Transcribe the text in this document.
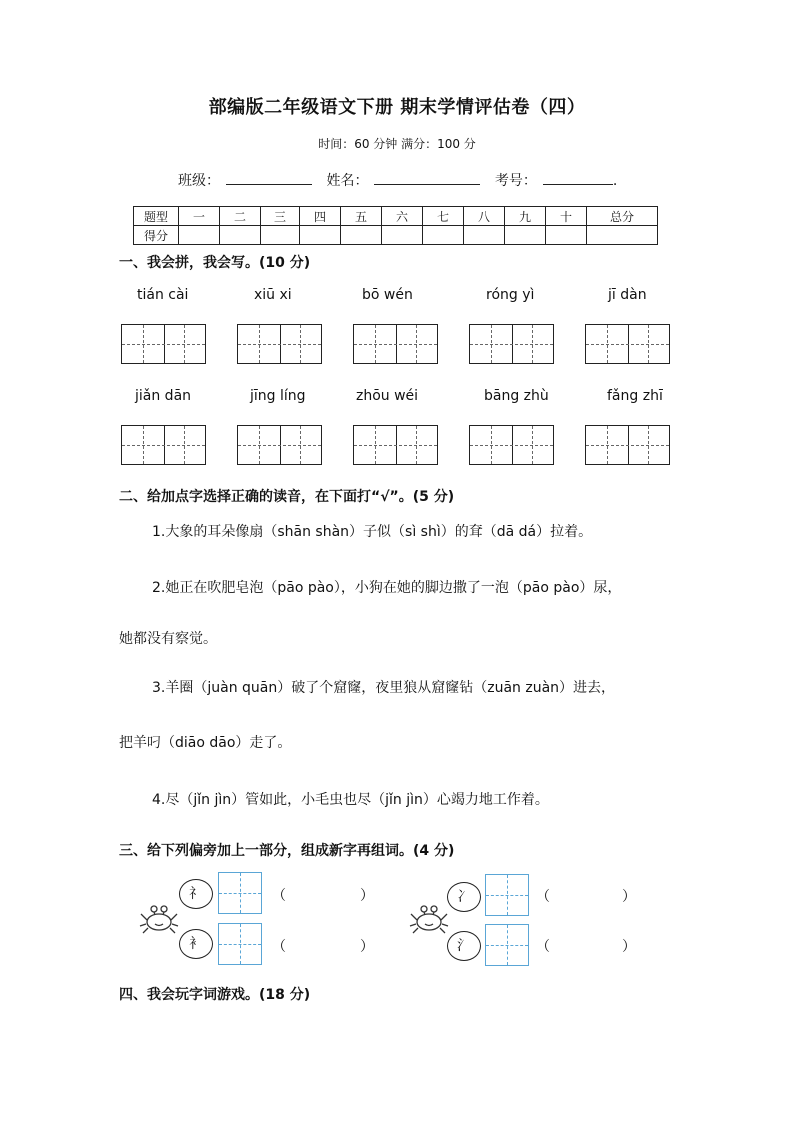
部编版二年级语文下册 期末学情评估卷（四）
时间：60 分钟 满分：100 分
班级：	姓名：	考号：	.
题型	一	二	三	四	五	六	七	八	九	十	总分
得分											
一、我会拼，我会写。(10 分)
tián cài	xiū xi	bō wén	róng yì	jī dàn
jiǎn dān	jīng líng	zhōu wéi	bāng zhù	fǎng zhī
二、给加点字选择正确的读音，在下面打“√”。(5 分)
1.大象的耳朵像扇（shān shàn）子似（sì shì）的耷（dā dá）拉着。
2.她正在吹肥皂泡（pāo pào），小狗在她的脚边撒了一泡（pāo pào）尿，
她都没有察觉。
3.羊圈（juàn quān）破了个窟窿，夜里狼从窟窿钻（zuān zuàn）进去，
把羊叼（diāo dāo）走了。
4.尽（jǐn jìn）管如此，小毛虫也尽（jǐn jìn）心竭力地工作着。
三、给下列偏旁加上一部分，组成新字再组词。(4 分)
礻
衤
（	）
（	）
冫
氵
（	）
（	）
四、我会玩字词游戏。(18 分)
